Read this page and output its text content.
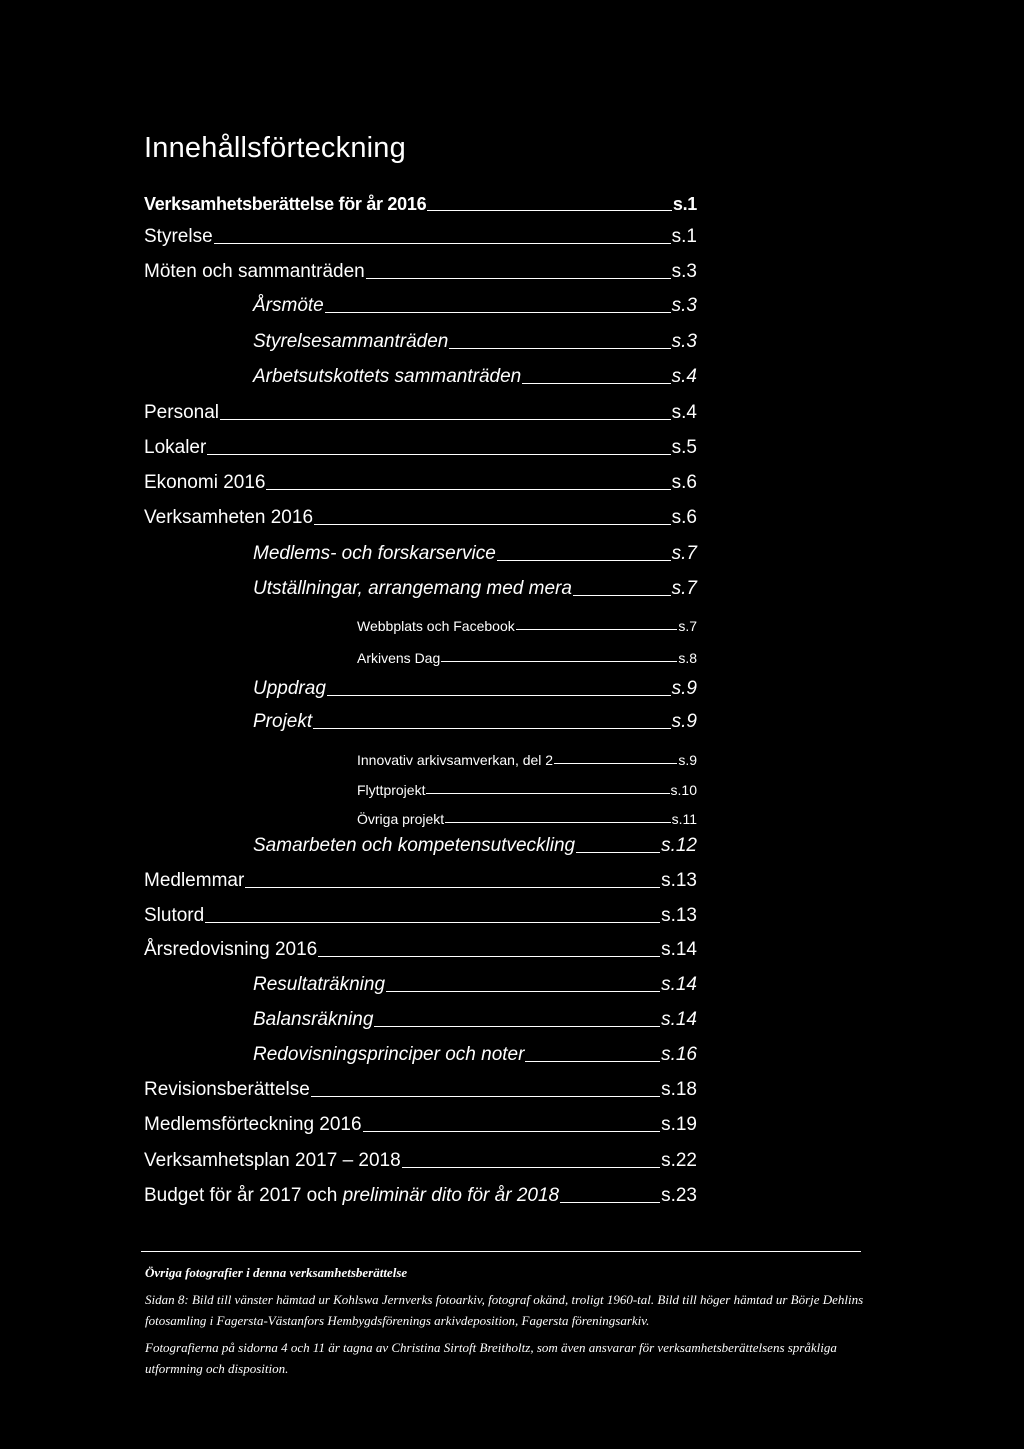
Innehållsförteckning
Verksamhetsberättelse för år 2016	s.1
Styrelse	s.1
Möten och sammanträden	s.3
Årsmöte	s.3
Styrelsesammanträden	s.3
Arbetsutskottets sammanträden	s.4
Personal	s.4
Lokaler	s.5
Ekonomi 2016	s.6
Verksamheten 2016	s.6
Medlems- och forskarservice	s.7
Utställningar, arrangemang med mera	s.7
Webbplats och Facebook	s.7
Arkivens Dag	s.8
Uppdrag	s.9
Projekt	s.9
Innovativ arkivsamverkan, del 2	s.9
Flyttprojekt	s.10
Övriga projekt	s.11
Samarbeten och kompetensutveckling	s.12
Medlemmar	s.13
Slutord	s.13
Årsredovisning 2016	s.14
Resultaträkning	s.14
Balansräkning	s.14
Redovisningsprinciper och noter	s.16
Revisionsberättelse	s.18
Medlemsförteckning 2016	s.19
Verksamhetsplan 2017 – 2018	s.22
Budget för år 2017 och preliminär dito för år 2018	s.23

Övriga fotografier i denna verksamhetsberättelse

Sidan 8: Bild till vänster hämtad ur Kohlswa Jernverks fotoarkiv, fotograf okänd, troligt 1960-tal. Bild till höger hämtad ur Börje Dehlins fotosamling i Fagersta-Västanfors Hembygdsförenings arkivdeposition, Fagersta föreningsarkiv.

Fotografierna på sidorna 4 och 11 är tagna av Christina Sirtoft Breitholtz, som även ansvarar för verksamhetsberättelsens språkliga utformning och disposition.
